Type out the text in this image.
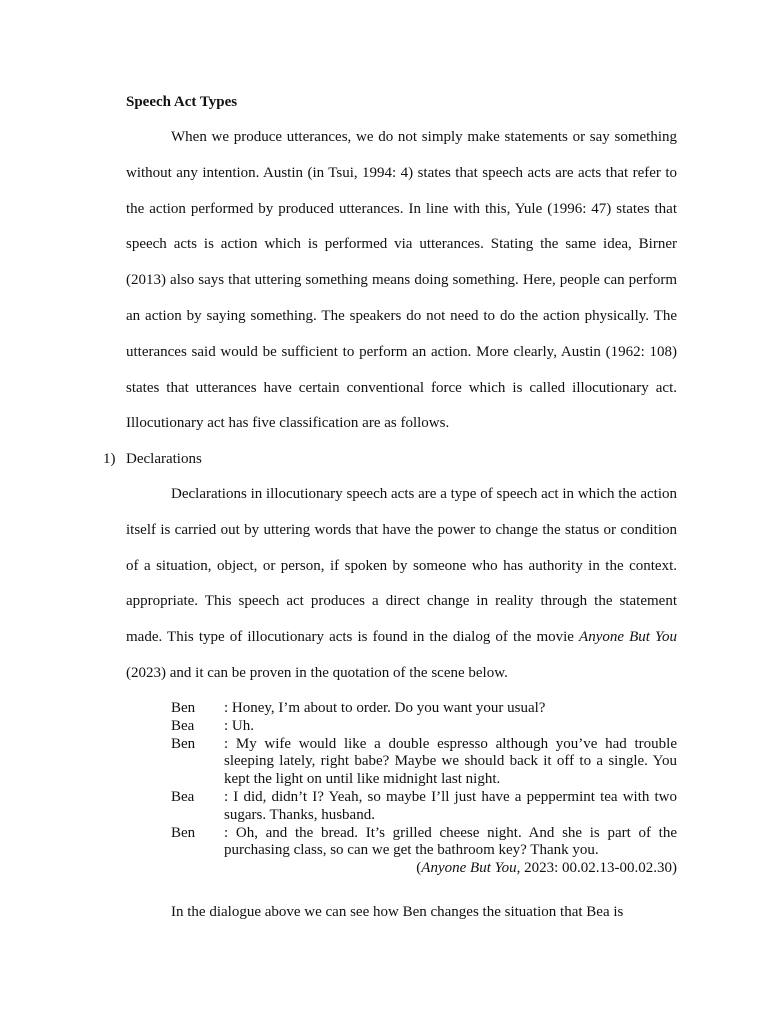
Speech Act Types

When we produce utterances, we do not simply make statements or say something without any intention. Austin (in Tsui, 1994: 4) states that speech acts are acts that refer to the action performed by produced utterances. In line with this, Yule (1996: 47) states that speech acts is action which is performed via utterances. Stating the same idea, Birner (2013) also says that uttering something means doing something. Here, people can perform an action by saying something. The speakers do not need to do the action physically. The utterances said would be sufficient to perform an action. More clearly, Austin (1962: 108) states that utterances have certain conventional force which is called illocutionary act. Illocutionary act has five classification are as follows.

1) Declarations

Declarations in illocutionary speech acts are a type of speech act in which the action itself is carried out by uttering words that have the power to change the status or condition of a situation, object, or person, if spoken by someone who has authority in the context. appropriate. This speech act produces a direct change in reality through the statement made. This type of illocutionary acts is found in the dialog of the movie Anyone But You (2023) and it can be proven in the quotation of the scene below.

Ben	: Honey, I’m about to order. Do you want your usual?
Bea	: Uh.
Ben	: My wife would like a double espresso although you’ve had trouble sleeping lately, right babe? Maybe we should back it off to a single. You kept the light on until like midnight last night.
Bea	: I did, didn’t I? Yeah, so maybe I’ll just have a peppermint tea with two sugars. Thanks, husband.
Ben	: Oh, and the bread. It’s grilled cheese night. And she is part of the purchasing class, so can we get the bathroom key? Thank you.
(Anyone But You, 2023: 00.02.13-00.02.30)

In the dialogue above we can see how Ben changes the situation that Bea is
